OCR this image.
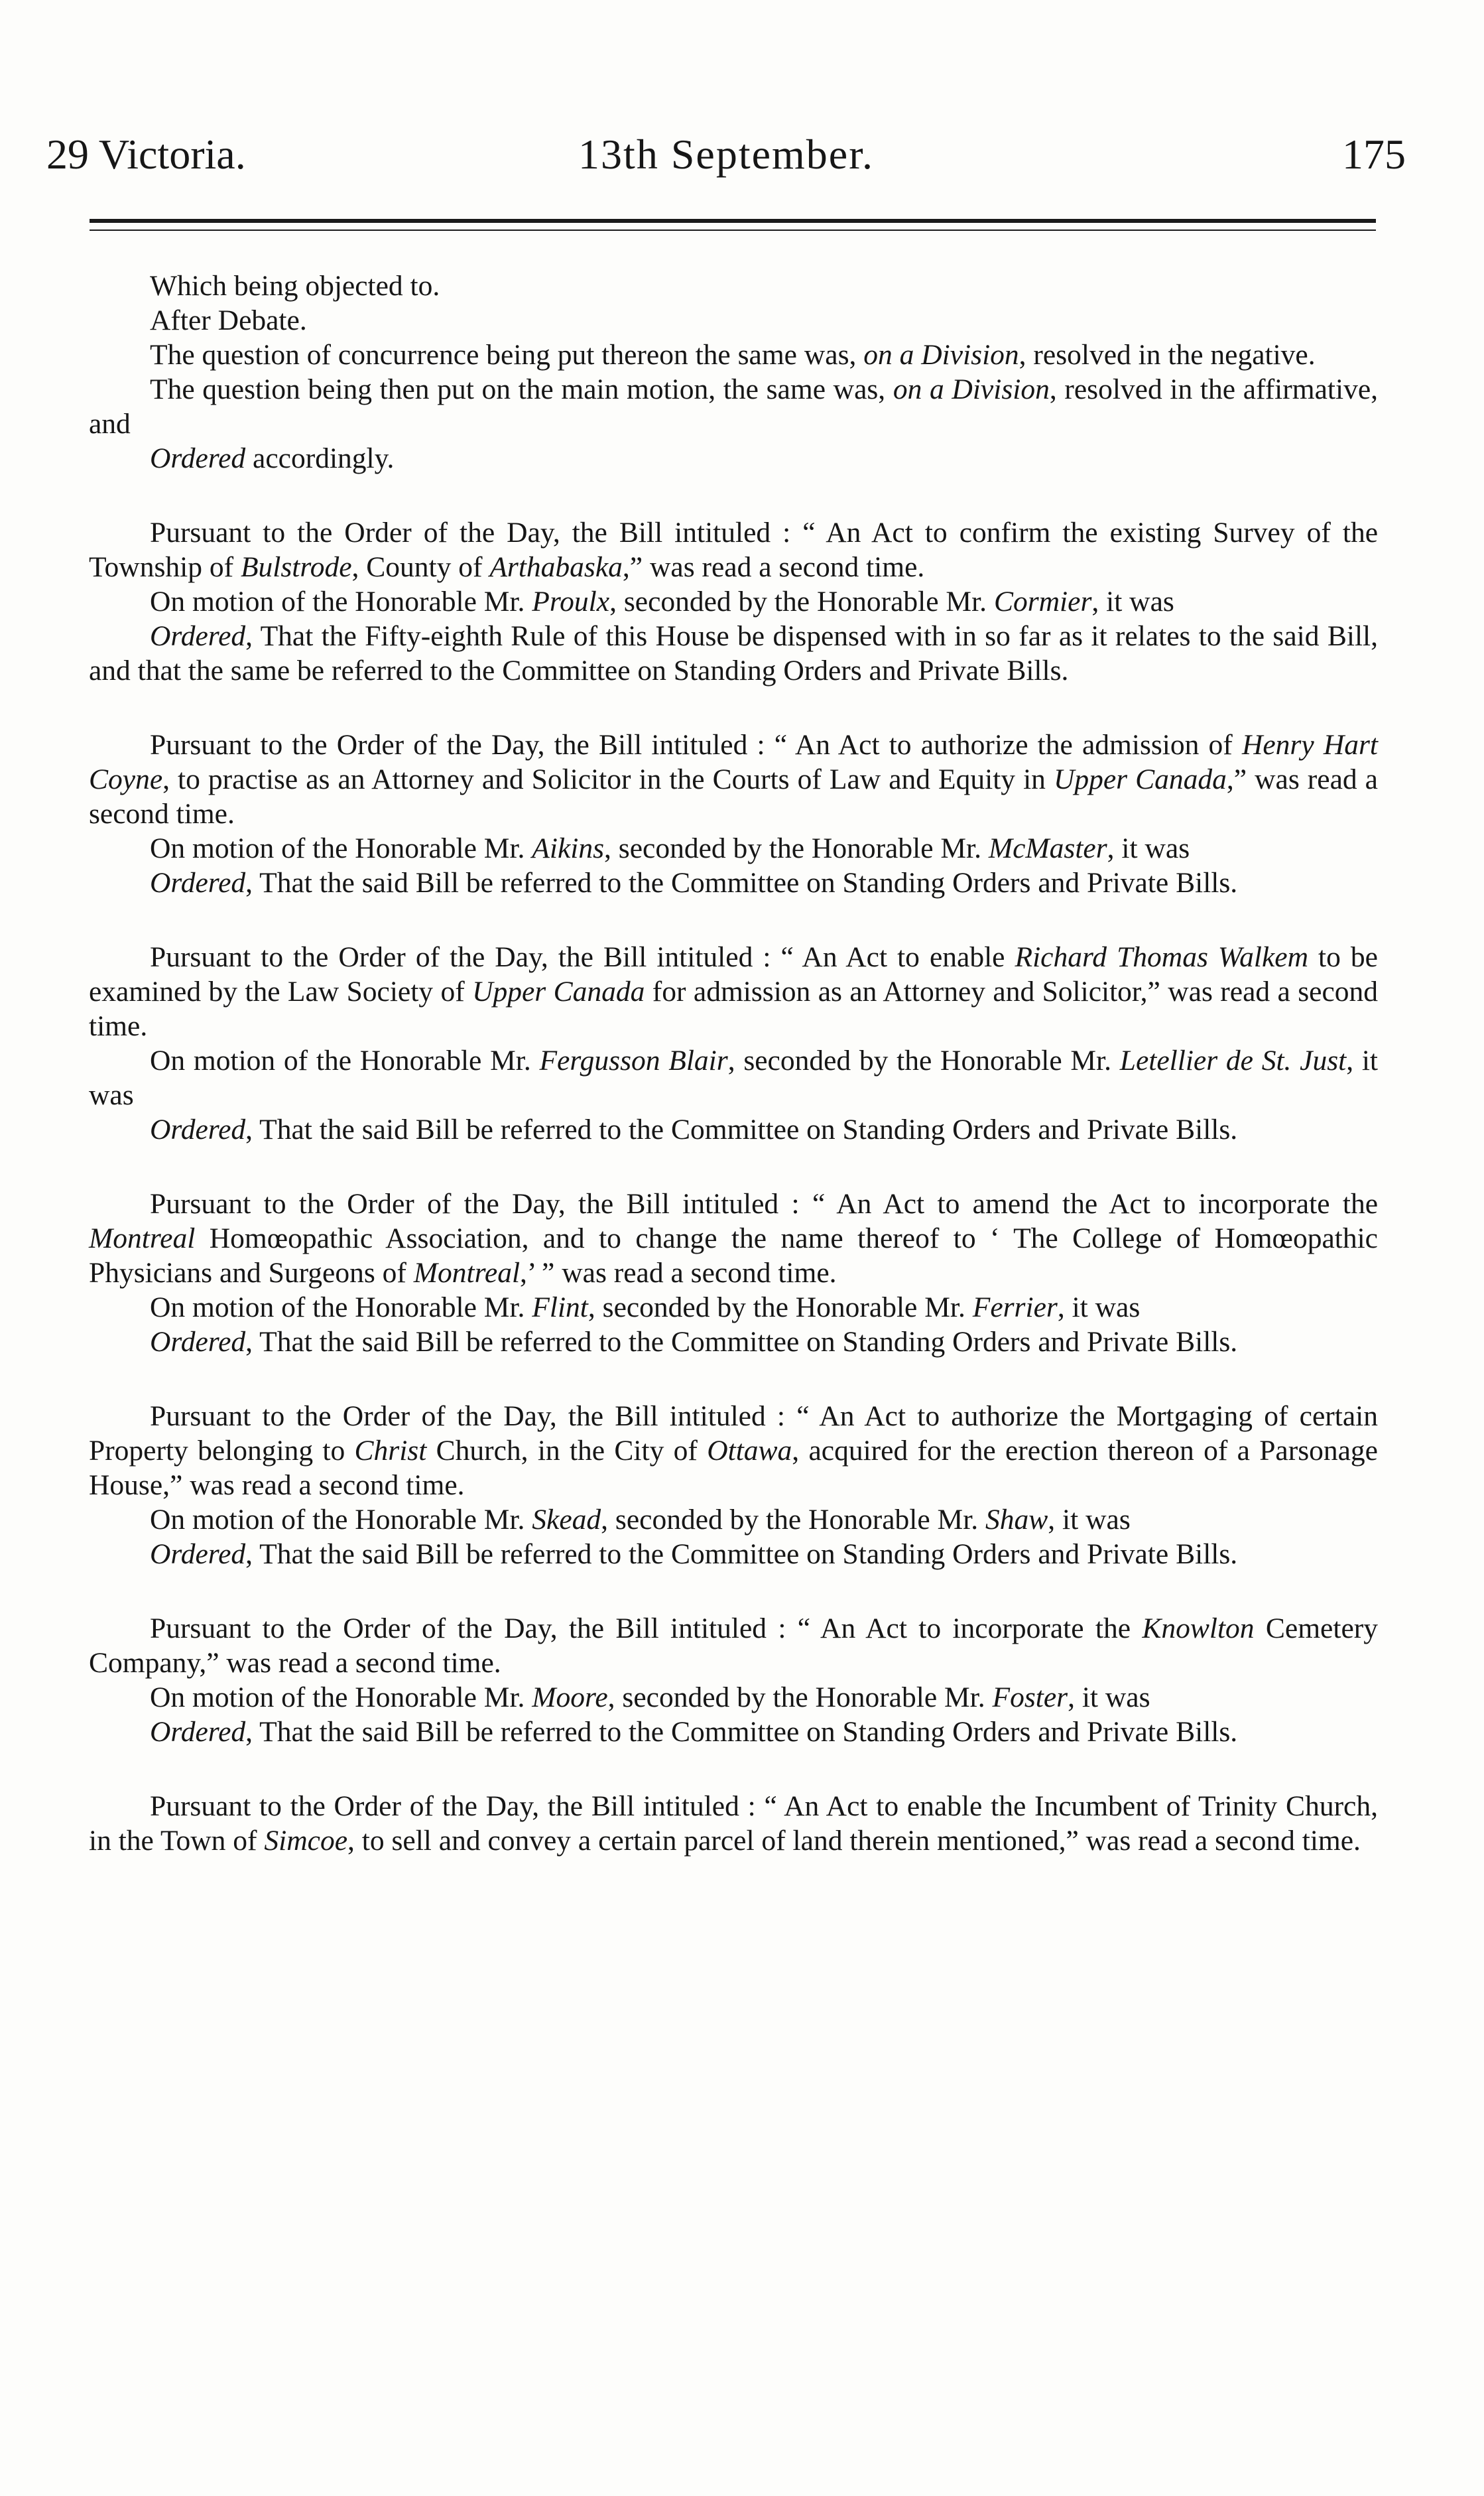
29 Victoria.	13th September.	175

Which being objected to.

After Debate.

The question of concurrence being put thereon the same was, on a Division, resolved in the negative.

The question being then put on the main motion, the same was, on a Division, resolved in the affirmative, and

Ordered accordingly.

Pursuant to the Order of the Day, the Bill intituled : “ An Act to confirm the existing Survey of the Township of Bulstrode, County of Arthabaska,” was read a second time.

On motion of the Honorable Mr. Proulx, seconded by the Honorable Mr. Cormier, it was

Ordered, That the Fifty-eighth Rule of this House be dispensed with in so far as it relates to the said Bill, and that the same be referred to the Committee on Standing Orders and Private Bills.

Pursuant to the Order of the Day, the Bill intituled : “ An Act to authorize the admission of Henry Hart Coyne, to practise as an Attorney and Solicitor in the Courts of Law and Equity in Upper Canada,” was read a second time.

On motion of the Honorable Mr. Aikins, seconded by the Honorable Mr. McMaster, it was

Ordered, That the said Bill be referred to the Committee on Standing Orders and Private Bills.

Pursuant to the Order of the Day, the Bill intituled : “ An Act to enable Richard Thomas Walkem to be examined by the Law Society of Upper Canada for admission as an Attorney and Solicitor,” was read a second time.

On motion of the Honorable Mr. Fergusson Blair, seconded by the Honorable Mr. Letellier de St. Just, it was

Ordered, That the said Bill be referred to the Committee on Standing Orders and Private Bills.

Pursuant to the Order of the Day, the Bill intituled : “ An Act to amend the Act to incorporate the Montreal Homœopathic Association, and to change the name thereof to ‘ The College of Homœopathic Physicians and Surgeons of Montreal,’ ” was read a second time.

On motion of the Honorable Mr. Flint, seconded by the Honorable Mr. Ferrier, it was

Ordered, That the said Bill be referred to the Committee on Standing Orders and Private Bills.

Pursuant to the Order of the Day, the Bill intituled : “ An Act to authorize the Mortgaging of certain Property belonging to Christ Church, in the City of Ottawa, acquired for the erection thereon of a Parsonage House,” was read a second time.

On motion of the Honorable Mr. Skead, seconded by the Honorable Mr. Shaw, it was

Ordered, That the said Bill be referred to the Committee on Standing Orders and Private Bills.

Pursuant to the Order of the Day, the Bill intituled : “ An Act to incorporate the Knowlton Cemetery Company,” was read a second time.

On motion of the Honorable Mr. Moore, seconded by the Honorable Mr. Foster, it was

Ordered, That the said Bill be referred to the Committee on Standing Orders and Private Bills.

Pursuant to the Order of the Day, the Bill intituled : “ An Act to enable the Incumbent of Trinity Church, in the Town of Simcoe, to sell and convey a certain parcel of land therein mentioned,” was read a second time.
